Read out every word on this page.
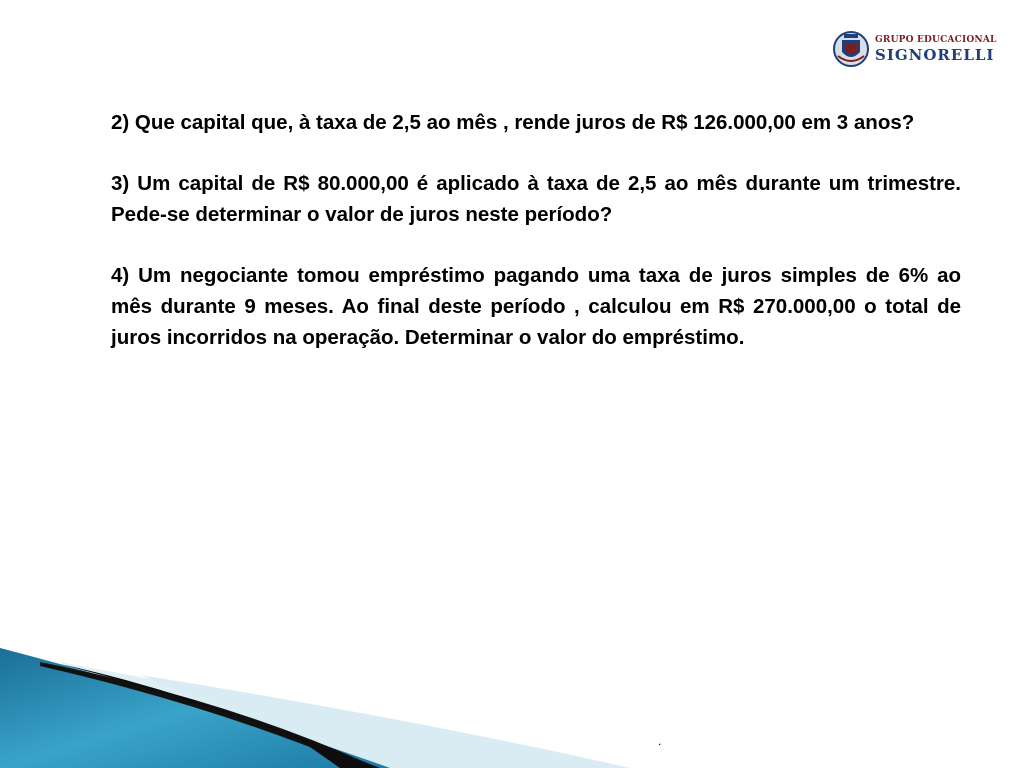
GRUPO EDUCACIONAL
SIGNORELLI

2) Que capital que, à taxa de 2,5 ao mês , rende juros de R$ 126.000,00 em 3 anos?

3) Um capital de R$ 80.000,00 é aplicado à taxa de 2,5 ao mês durante um trimestre. Pede-se determinar o valor de juros neste período?

4) Um negociante tomou empréstimo pagando uma taxa de juros simples de 6% ao mês durante 9 meses. Ao final deste período , calculou em R$ 270.000,00 o total de juros incorridos na operação. Determinar o valor do empréstimo.

.
